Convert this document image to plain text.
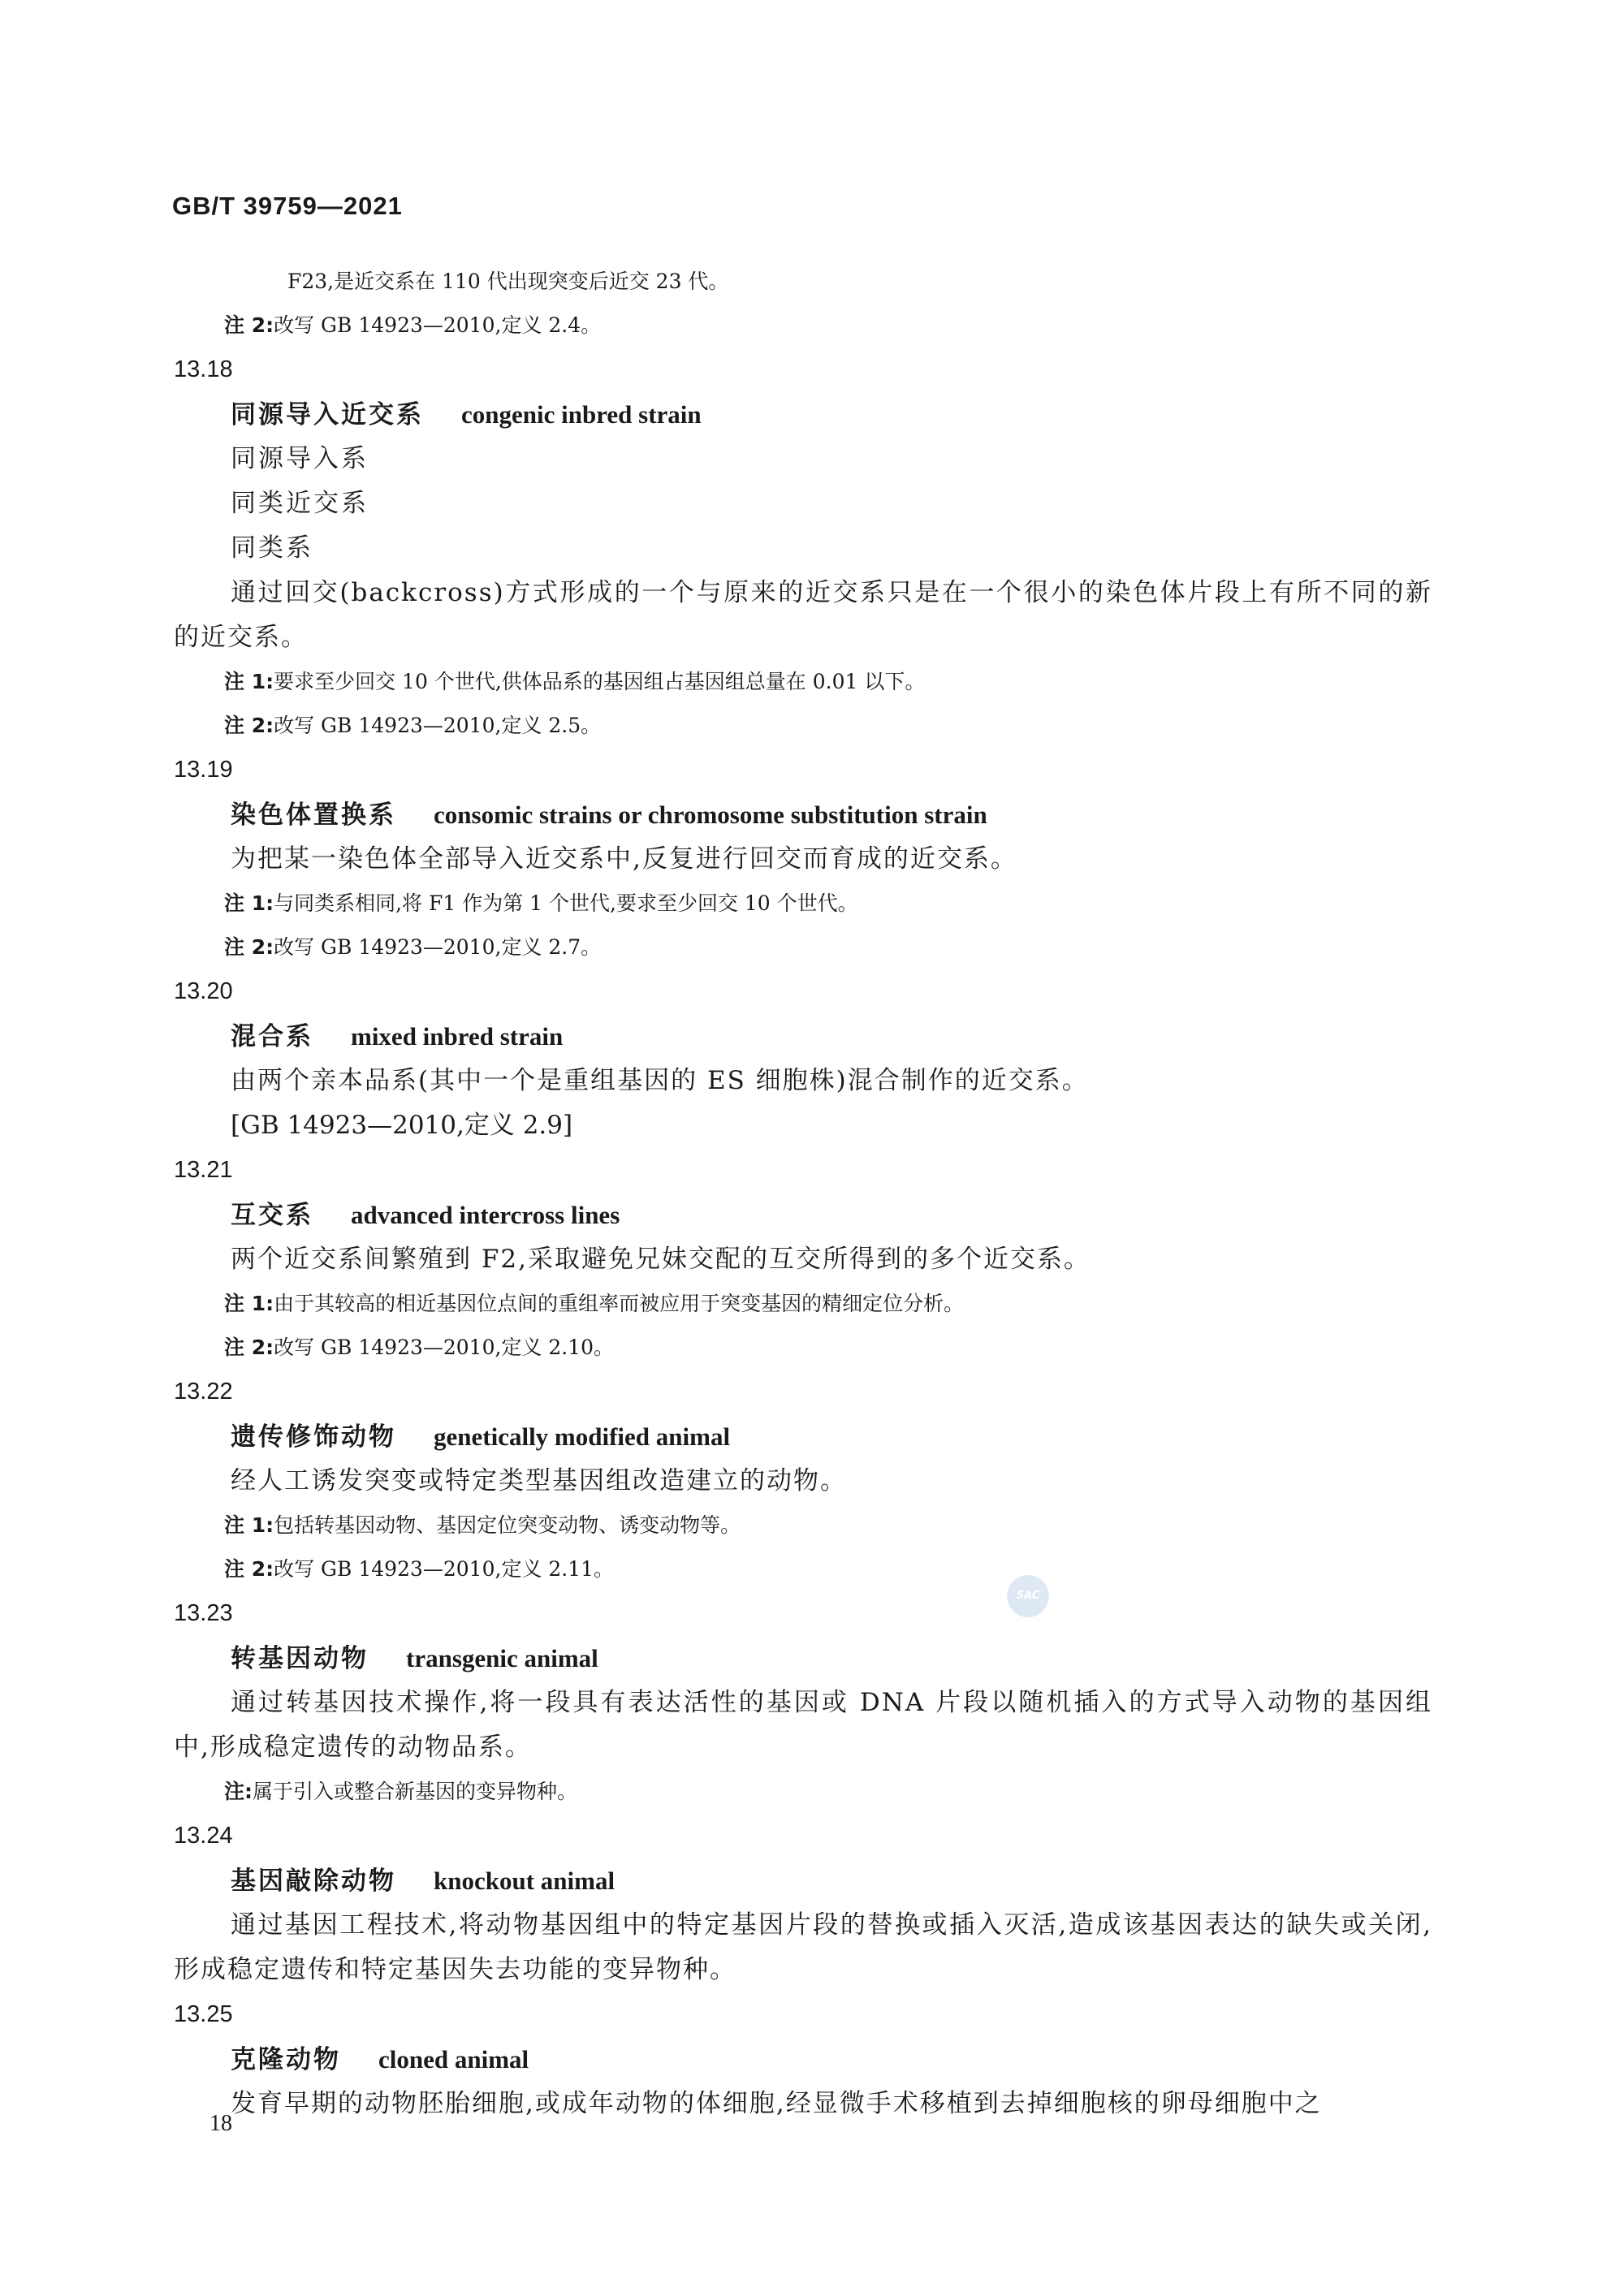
GB/T 39759—2021
F23,是近交系在 110 代出现突变后近交 23 代。
注 2:改写 GB 14923—2010,定义 2.4。
13.18
同源导入近交系 congenic inbred strain
同源导入系
同类近交系
同类系
通过回交(backcross)方式形成的一个与原来的近交系只是在一个很小的染色体片段上有所不同的新的近交系。
注 1:要求至少回交 10 个世代,供体品系的基因组占基因组总量在 0.01 以下。
注 2:改写 GB 14923—2010,定义 2.5。
13.19
染色体置换系 consomic strains or chromosome substitution strain
为把某一染色体全部导入近交系中,反复进行回交而育成的近交系。
注 1:与同类系相同,将 F1 作为第 1 个世代,要求至少回交 10 个世代。
注 2:改写 GB 14923—2010,定义 2.7。
13.20
混合系 mixed inbred strain
由两个亲本品系(其中一个是重组基因的 ES 细胞株)混合制作的近交系。
[GB 14923—2010,定义 2.9]
13.21
互交系 advanced intercross lines
两个近交系间繁殖到 F2,采取避免兄妹交配的互交所得到的多个近交系。
注 1:由于其较高的相近基因位点间的重组率而被应用于突变基因的精细定位分析。
注 2:改写 GB 14923—2010,定义 2.10。
13.22
遗传修饰动物 genetically modified animal
经人工诱发突变或特定类型基因组改造建立的动物。
注 1:包括转基因动物、基因定位突变动物、诱变动物等。
注 2:改写 GB 14923—2010,定义 2.11。
13.23
转基因动物 transgenic animal
通过转基因技术操作,将一段具有表达活性的基因或 DNA 片段以随机插入的方式导入动物的基因组中,形成稳定遗传的动物品系。
注:属于引入或整合新基因的变异物种。
13.24
基因敲除动物 knockout animal
通过基因工程技术,将动物基因组中的特定基因片段的替换或插入灭活,造成该基因表达的缺失或关闭,形成稳定遗传和特定基因失去功能的变异物种。
13.25
克隆动物 cloned animal
发育早期的动物胚胎细胞,或成年动物的体细胞,经显微手术移植到去掉细胞核的卵母细胞中之
SAC
18
